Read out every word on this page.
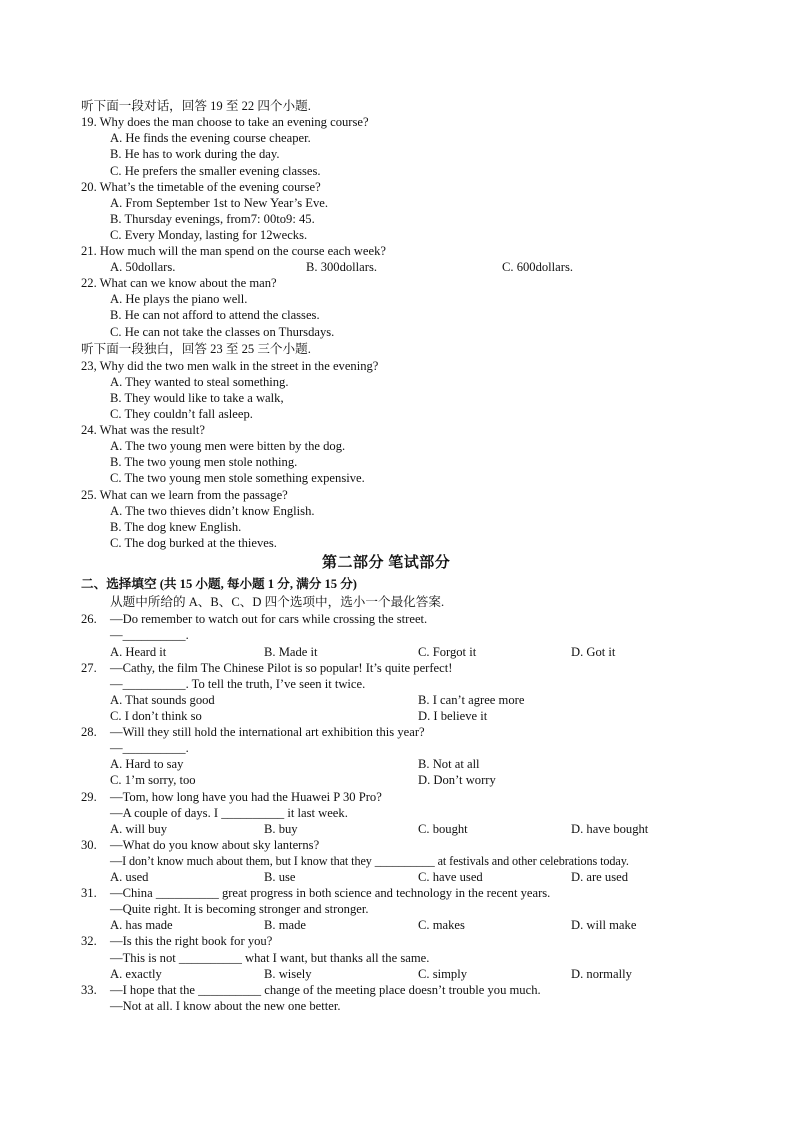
听下面一段对话，回答 19 至 22 四个小题.
19. Why does the man choose to take an evening course?
A. He finds the evening course cheaper.
B. He has to work during the day.
C. He prefers the smaller evening classes.
20. What’s the timetable of the evening course?
A. From September 1st to New Year’s Eve.
B. Thursday evenings, from7: 00to9: 45.
C. Every Monday, lasting for 12wecks.
21. How much will the man spend on the course each week?
A. 50dollars.	B. 300dollars.	C. 600dollars.
22. What can we know about the man?
A. He plays the piano well.
B. He can not afford to attend the classes.
C. He can not take the classes on Thursdays.
听下面一段独白，回答 23 至 25 三个小题.
23, Why did the two men walk in the street in the evening?
A. They wanted to steal something.
B. They would like to take a walk,
C. They couldn’t fall asleep.
24. What was the result?
A. The two young men were bitten by the dog.
B. The two young men stole nothing.
C. The two young men stole something expensive.
25. What can we learn from the passage?
A. The two thieves didn’t know English.
B. The dog knew English.
C. The dog burked at the thieves.
第二部分 笔试部分
二、选择填空 (共 15 小题, 每小题 1 分, 满分 15 分)
从题中所给的 A、B、C、D 四个选项中，选小一个最化答案.
26. —Do remember to watch out for cars while crossing the street.
—__________.
A. Heard it	B. Made it	C. Forgot it	D. Got it
27. —Cathy, the film The Chinese Pilot is so popular! It’s quite perfect!
—__________. To tell the truth, I’ve seen it twice.
A. That sounds good	B. I can’t agree more
C. I don’t think so	D. I believe it
28. —Will they still hold the international art exhibition this year?
—__________.
A. Hard to say	B. Not at all
C. 1’m sorry, too	D. Don’t worry
29. —Tom, how long have you had the Huawei P 30 Pro?
—A couple of days. I __________ it last week.
A. will buy	B. buy	C. bought	D. have bought
30. —What do you know about sky lanterns?
—I don’t know much about them, but I know that they __________ at festivals and other celebrations today.
A. used	B. use	C. have used	D. are used
31. —China __________ great progress in both science and technology in the recent years.
—Quite right. It is becoming stronger and stronger.
A. has made	B. made	C. makes	D. will make
32. —Is this the right book for you?
—This is not __________ what I want, but thanks all the same.
A. exactly	B. wisely	C. simply	D. normally
33. —I hope that the __________ change of the meeting place doesn’t trouble you much.
—Not at all. I know about the new one better.
